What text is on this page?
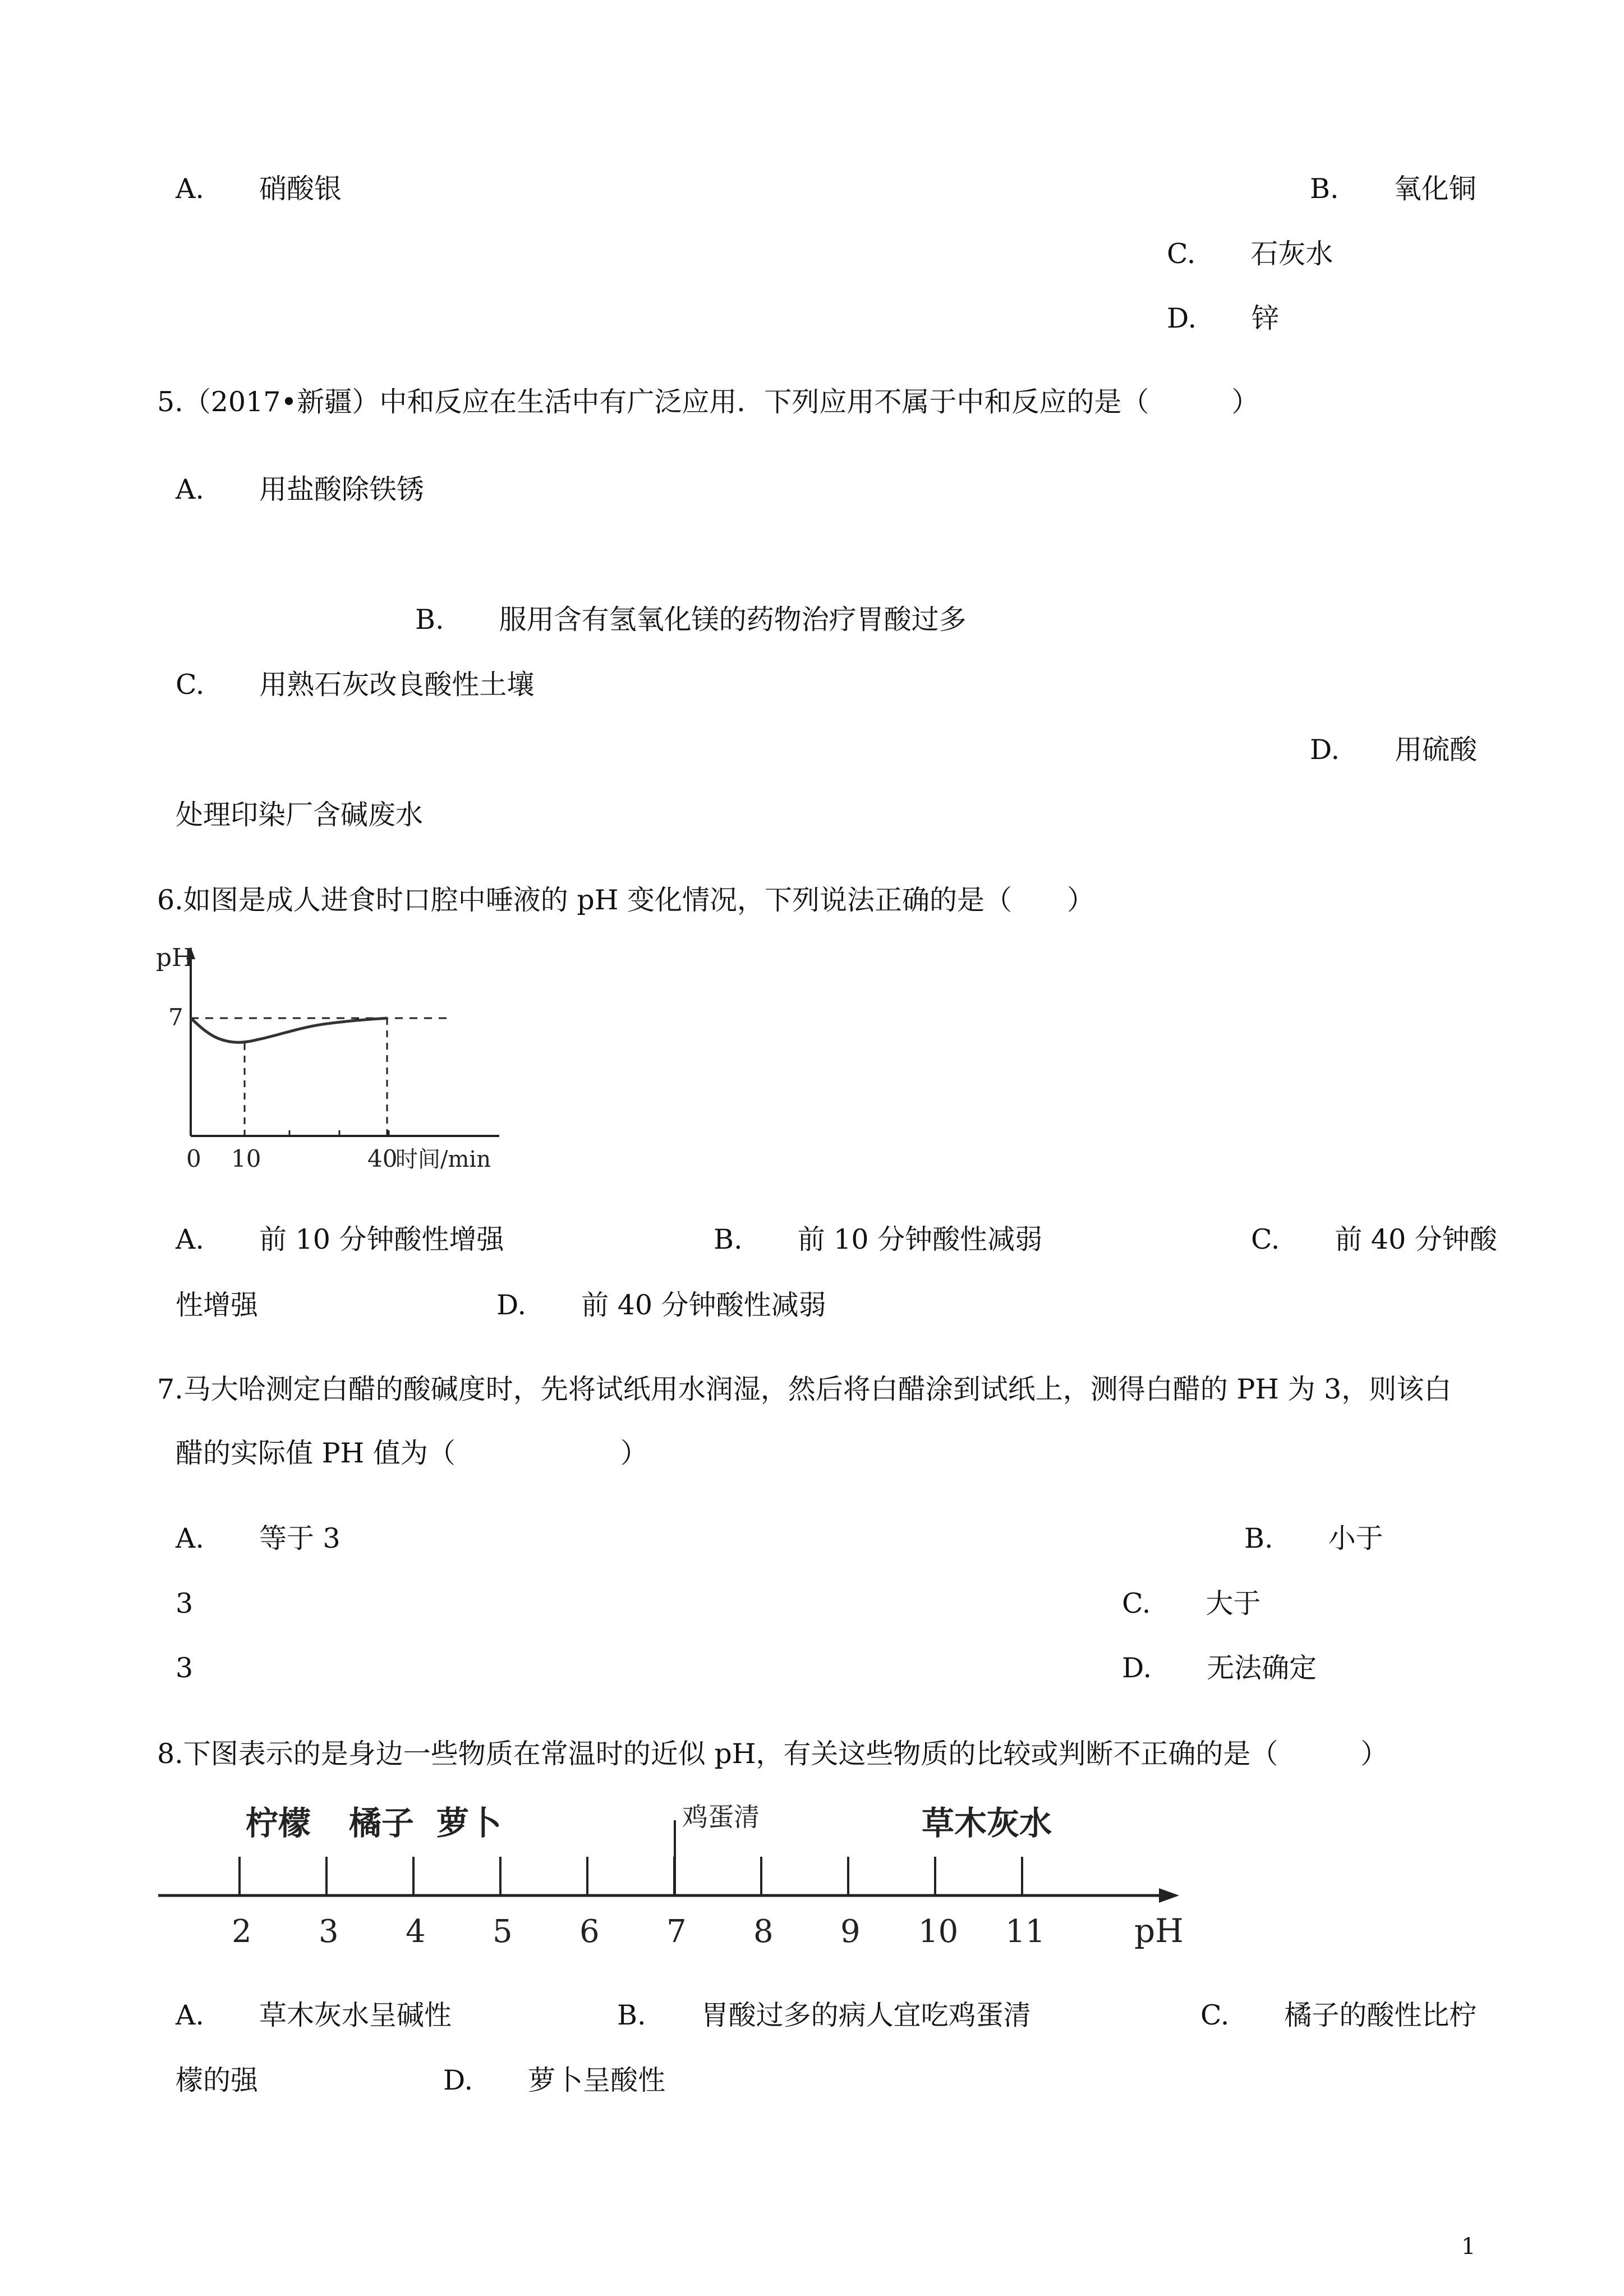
A.　　硝酸银	B.　　氧化铜
C.　　石灰水
D.　　锌
5.（2017•新疆）中和反应在生活中有广泛应用．下列应用不属于中和反应的是（　　　）
A.　　用盐酸除铁锈
B.　　服用含有氢氧化镁的药物治疗胃酸过多
C.　　用熟石灰改良酸性土壤
D.　　用硫酸
处理印染厂含碱废水
6.如图是成人进食时口腔中唾液的 pH 变化情况，下列说法正确的是（　　）
pH
7
0 10	40
时间/min
A.　　前 10 分钟酸性增强	B.　　前 10 分钟酸性减弱	C.　　前 40 分钟酸
性增强	D.　　前 40 分钟酸性减弱
7.马大哈测定白醋的酸碱度时，先将试纸用水润湿，然后将白醋涂到试纸上，测得白醋的 PH 为 3，则该白
醋的实际值 PH 值为（　　　　　　）
A.　　等于 3	B.　　小于
3	C.　　大于
3	D.　　无法确定
8.下图表示的是身边一些物质在常温时的近似 pH，有关这些物质的比较或判断不正确的是（　　　）
2 3 4 5 6 7 8 9 10 11
柠檬 橘子 萝卜	鸡蛋清	草木灰水
pH
A.　　草木灰水呈碱性	B.　　胃酸过多的病人宜吃鸡蛋清	C.　　橘子的酸性比柠
檬的强	D.　　萝卜呈酸性
1
